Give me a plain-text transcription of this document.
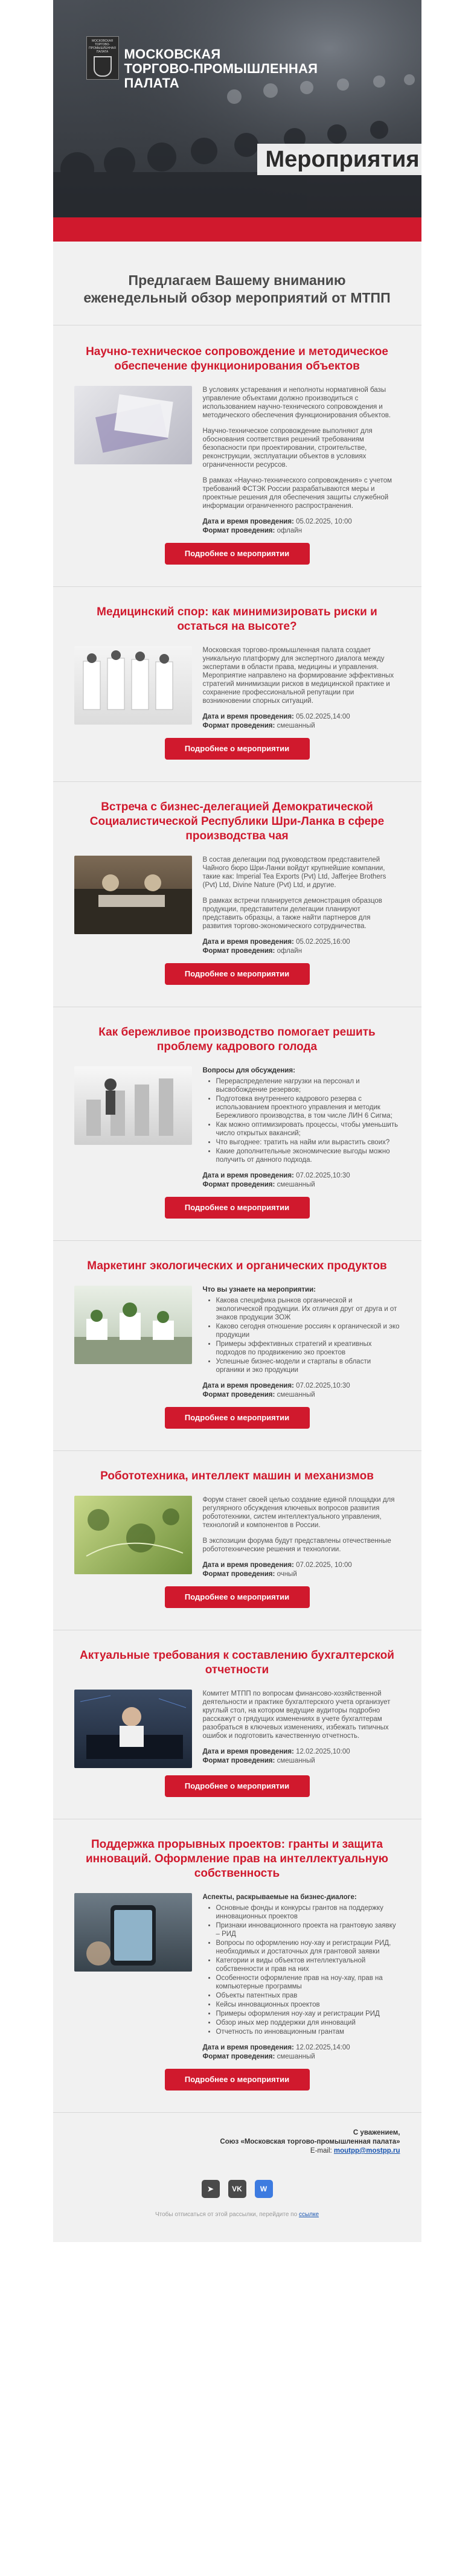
МОСКОВСКАЯ ТОРГОВО-ПРОМЫШЛЕННАЯ ПАЛАТА	МОСКОВСКАЯ
ТОРГОВО-ПРОМЫШЛЕННАЯ
ПАЛАТА
Мероприятия
Предлагаем Вашему вниманию еженедельный обзор мероприятий от МТПП
Научно-техническое сопровождение и методическое обеспечение функционирования объектов

В условиях устаревания и неполноты нормативной базы управление объектами должно производиться с использованием научно-технического сопровождения и методического обеспечения функционирования объектов.

Научно-техническое сопровождение выполняют для обоснования соответствия решений требованиям безопасности при проектировании, строительстве, реконструкции, эксплуатации объектов в условиях ограниченности ресурсов.

В рамках «Научно-технического сопровождения» с учетом требований ФСТЭК России разрабатываются меры и проектные решения для обеспечения защиты служебной информации ограниченного распространения.

Дата и время проведения: 05.02.2025, 10:00
Формат проведения: офлайн
Подробнее о мероприятии
Медицинский спор: как минимизировать риски и остаться на высоте?

Московская торгово-промышленная палата создает уникальную платформу для экспертного диалога между экспертами в области права, медицины и управления. Мероприятие направлено на формирование эффективных стратегий минимизации рисков в медицинской практике и сохранение профессиональной репутации при возникновении спорных ситуаций.

Дата и время проведения: 05.02.2025,14:00
Формат проведения: смешанный
Подробнее о мероприятии
Встреча с бизнес-делегацией Демократической Социалистической Республики Шри-Ланка в сфере производства чая

В состав делегации под руководством представителей Чайного бюро Шри-Ланки войдут крупнейшие компании, такие как: Imperial Tea Exports (Pvt) Ltd, Jafferjee Brothers (Pvt) Ltd, Divine Nature (Pvt) Ltd, и другие.

В рамках встречи планируется демонстрация образцов продукции, представители делегации планируют представить образцы, а также найти партнеров для развития торгово-экономического сотрудничества.

Дата и время проведения: 05.02.2025,16:00
Формат проведения: офлайн
Подробнее о мероприятии
Как бережливое производство помогает решить проблему кадрового голода
Вопросы для обсуждения:
• Перераспределение нагрузки на персонал и высвобождение резервов;
• Подготовка внутреннего кадрового резерва с использованием проектного управления и методик Бережливого производства, в том числе ЛИН 6 Сигма;
• Как можно оптимизировать процессы, чтобы уменьшить число открытых вакансий;
• Что выгоднее: тратить на найм или вырастить своих?
• Какие дополнительные экономические выгоды можно получить от данного подхода.
Дата и время проведения: 07.02.2025,10:30
Формат проведения: смешанный
Подробнее о мероприятии
Маркетинг экологических и органических продуктов
Что вы узнаете на мероприятии:
• Какова специфика рынков органической и экологической продукции. Их отличия друг от друга и от знаков продукции ЗОЖ
• Каково сегодня отношение россиян к органической и эко продукции
• Примеры эффективных стратегий и креативных подходов по продвижению эко проектов
• Успешные бизнес-модели и стартапы в области органики и эко продукции
Дата и время проведения: 07.02.2025,10:30
Формат проведения: смешанный
Подробнее о мероприятии
Робототехника, интеллект машин и механизмов

Форум станет своей целью создание единой площадки для регулярного обсуждения ключевых вопросов развития робототехники, систем интеллектуального управления, технологий и компонентов в России.

В экспозиции форума будут представлены отечественные робототехнические решения и технологии.

Дата и время проведения: 07.02.2025, 10:00
Формат проведения: очный
Подробнее о мероприятии
Актуальные требования к составлению бухгалтерской отчетности

Комитет МТПП по вопросам финансово-хозяйственной деятельности и практике бухгалтерского учета организует круглый стол, на котором ведущие аудиторы подробно расскажут о грядущих изменениях в учете бухгалтерам разобраться в ключевых изменениях, избежать типичных ошибок и подготовить качественную отчетность.

Дата и время проведения: 12.02.2025,10:00
Формат проведения: смешанный
Подробнее о мероприятии
Поддержка прорывных проектов: гранты и защита инноваций. Оформление прав на интеллектуальную собственность
Аспекты, раскрываемые на бизнес-диалоге:
• Основные фонды и конкурсы грантов на поддержку инновационных проектов
• Признаки инновационного проекта на грантовую заявку – РИД
• Вопросы по оформлению ноу-хау и регистрации РИД, необходимых и достаточных для грантовой заявки
• Категории и виды объектов интеллектуальной собственности и прав на них
• Особенности оформление прав на ноу-хау, прав на компьютерные программы
• Объекты патентных прав
• Кейсы инновационных проектов
• Примеры оформления ноу-хау и регистрации РИД
• Обзор иных мер поддержки для инноваций
• Отчетность по инновационным грантам
Дата и время проведения: 12.02.2025,14:00
Формат проведения: смешанный
Подробнее о мероприятии
С уважением,
Союз «Московская торгово-промышленная палата»
E-mail: moutpp@mostpp.ru
➤	VK	W
Чтобы отписаться от этой рассылки, перейдите по ссылке
